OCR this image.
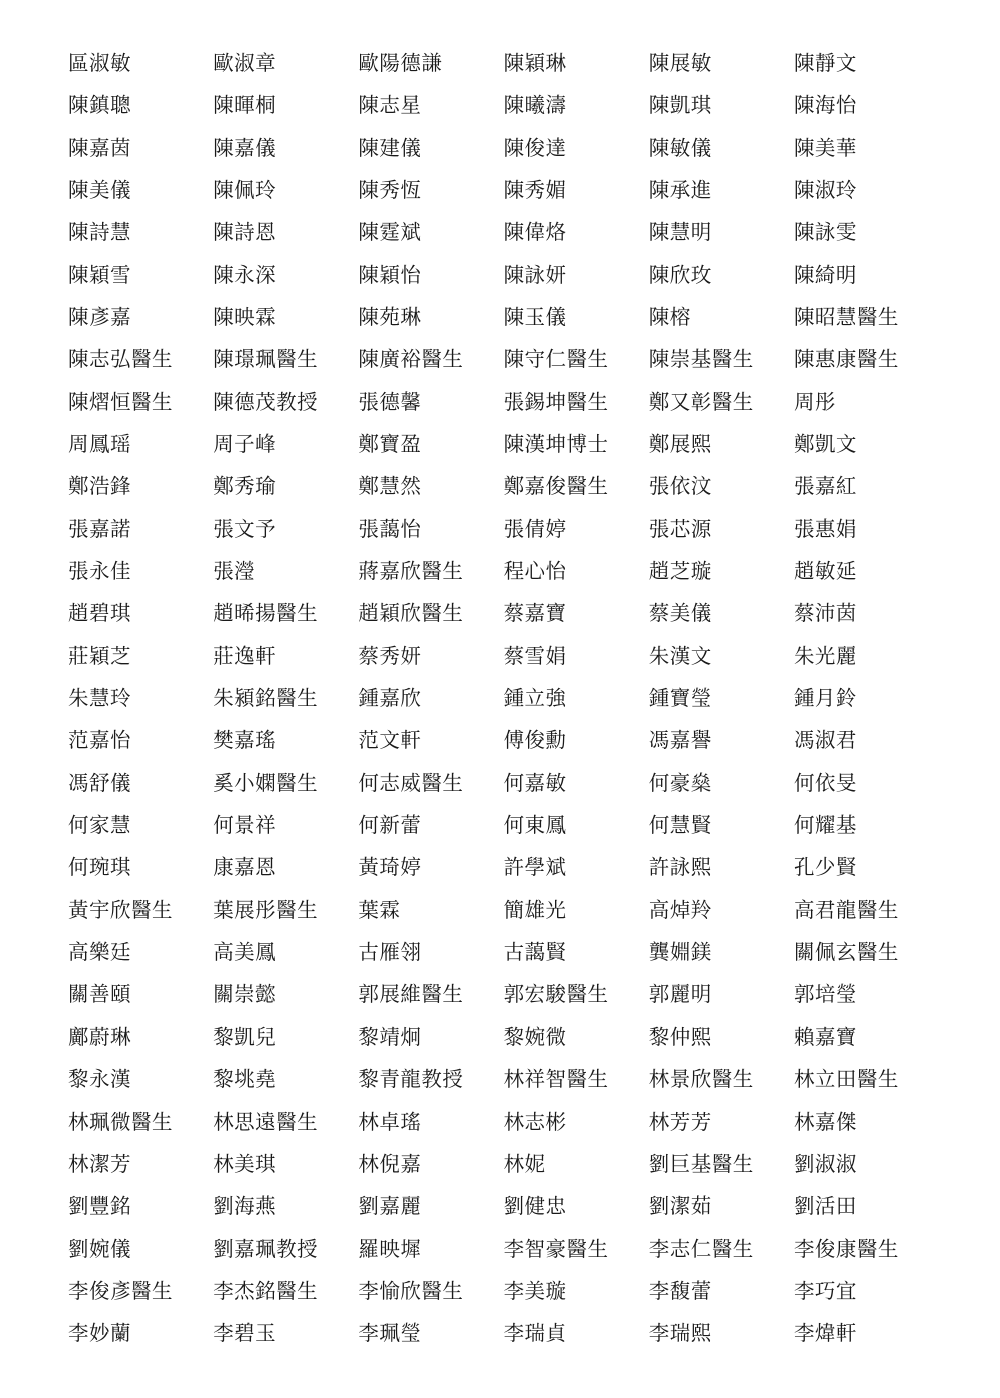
區淑敏	歐淑章	歐陽德謙	陳穎琳	陳展敏	陳靜文
陳鎮聰	陳暉桐	陳志星	陳曦濤	陳凱琪	陳海怡
陳嘉茵	陳嘉儀	陳建儀	陳俊達	陳敏儀	陳美華
陳美儀	陳佩玲	陳秀恆	陳秀媚	陳承進	陳淑玲
陳詩慧	陳詩恩	陳霆斌	陳偉烙	陳慧明	陳詠雯
陳穎雪	陳永深	陳穎怡	陳詠妍	陳欣玫	陳綺明
陳彥嘉	陳映霖	陳苑琳	陳玉儀	陳榕	陳昭慧醫生
陳志弘醫生	陳璟珮醫生	陳廣裕醫生	陳守仁醫生	陳崇基醫生	陳惠康醫生
陳熠恒醫生	陳德茂教授	張德馨	張錫坤醫生	鄭又彰醫生	周彤
周鳳瑶	周子峰	鄭寶盈	陳漢坤博士	鄭展熙	鄭凱文
鄭浩鋒	鄭秀瑜	鄭慧然	鄭嘉俊醫生	張依汶	張嘉紅
張嘉諾	張文予	張藹怡	張倩婷	張芯源	張惠娟
張永佳	張瀅	蔣嘉欣醫生	程心怡	趙芝璇	趙敏延
趙碧琪	趙晞揚醫生	趙穎欣醫生	蔡嘉寶	蔡美儀	蔡沛茵
莊穎芝	莊逸軒	蔡秀妍	蔡雪娟	朱漢文	朱光麗
朱慧玲	朱潁銘醫生	鍾嘉欣	鍾立強	鍾寶瑩	鍾月鈴
范嘉怡	樊嘉瑤	范文軒	傅俊勳	馮嘉譽	馮淑君
馮舒儀	奚小嫻醫生	何志威醫生	何嘉敏	何豪燊	何依旻
何家慧	何景祥	何新蕾	何東鳳	何慧賢	何耀基
何琬琪	康嘉恩	黃琦婷	許學斌	許詠熙	孔少賢
黃宇欣醫生	葉展彤醫生	葉霖	簡雄光	高焯羚	高君龍醫生
高樂廷	高美鳳	古雁翎	古藹賢	龔婣鎂	關佩玄醫生
關善頤	關崇懿	郭展維醫生	郭宏駿醫生	郭麗明	郭培瑩
鄺蔚琳	黎凱兒	黎靖炯	黎婉微	黎仲熙	賴嘉寶
黎永漢	黎垗堯	黎青龍教授	林祥智醫生	林景欣醫生	林立田醫生
林珮微醫生	林思遠醫生	林卓瑤	林志彬	林芳芳	林嘉傑
林潔芳	林美琪	林倪嘉	林妮	劉巨基醫生	劉淑淑
劉豐銘	劉海燕	劉嘉麗	劉健忠	劉潔茹	劉活田
劉婉儀	劉嘉珮教授	羅映墀	李智豪醫生	李志仁醫生	李俊康醫生
李俊彥醫生	李杰銘醫生	李愉欣醫生	李美璇	李馥蕾	李巧宜
李妙蘭	李碧玉	李珮瑩	李瑞貞	李瑞熙	李煒軒
